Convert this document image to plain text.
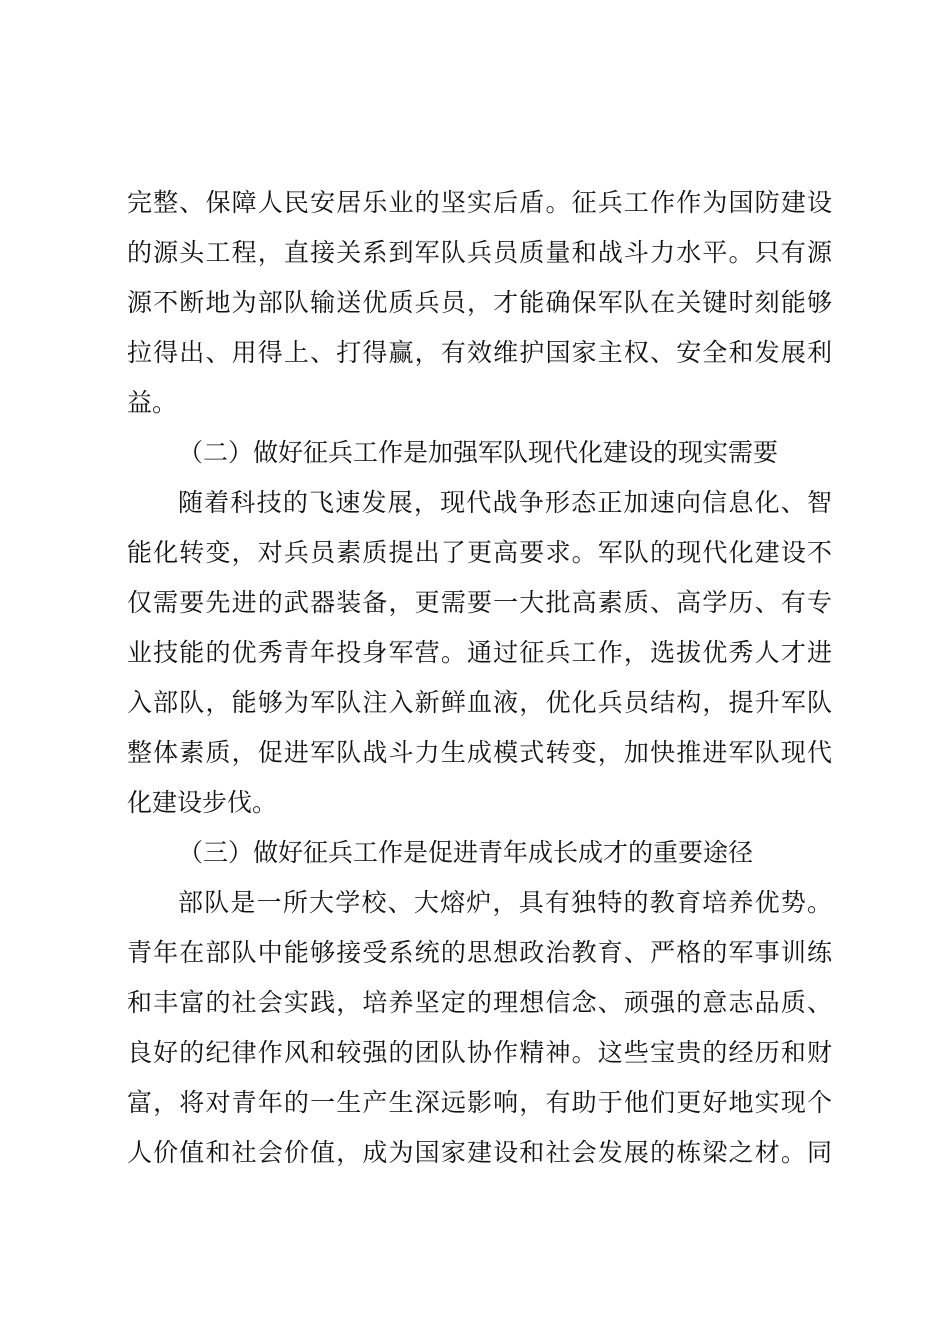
完整、保障人民安居乐业的坚实后盾。征兵工作作为国防建设
的源头工程，直接关系到军队兵员质量和战斗力水平。只有源
源不断地为部队输送优质兵员，才能确保军队在关键时刻能够
拉得出、用得上、打得赢，有效维护国家主权、安全和发展利
益。
（二）做好征兵工作是加强军队现代化建设的现实需要
随着科技的飞速发展，现代战争形态正加速向信息化、智
能化转变，对兵员素质提出了更高要求。军队的现代化建设不
仅需要先进的武器装备，更需要一大批高素质、高学历、有专
业技能的优秀青年投身军营。通过征兵工作，选拔优秀人才进
入部队，能够为军队注入新鲜血液，优化兵员结构，提升军队
整体素质，促进军队战斗力生成模式转变，加快推进军队现代
化建设步伐。
（三）做好征兵工作是促进青年成长成才的重要途径
部队是一所大学校、大熔炉，具有独特的教育培养优势。
青年在部队中能够接受系统的思想政治教育、严格的军事训练
和丰富的社会实践，培养坚定的理想信念、顽强的意志品质、
良好的纪律作风和较强的团队协作精神。这些宝贵的经历和财
富，将对青年的一生产生深远影响，有助于他们更好地实现个
人价值和社会价值，成为国家建设和社会发展的栋梁之材。同
